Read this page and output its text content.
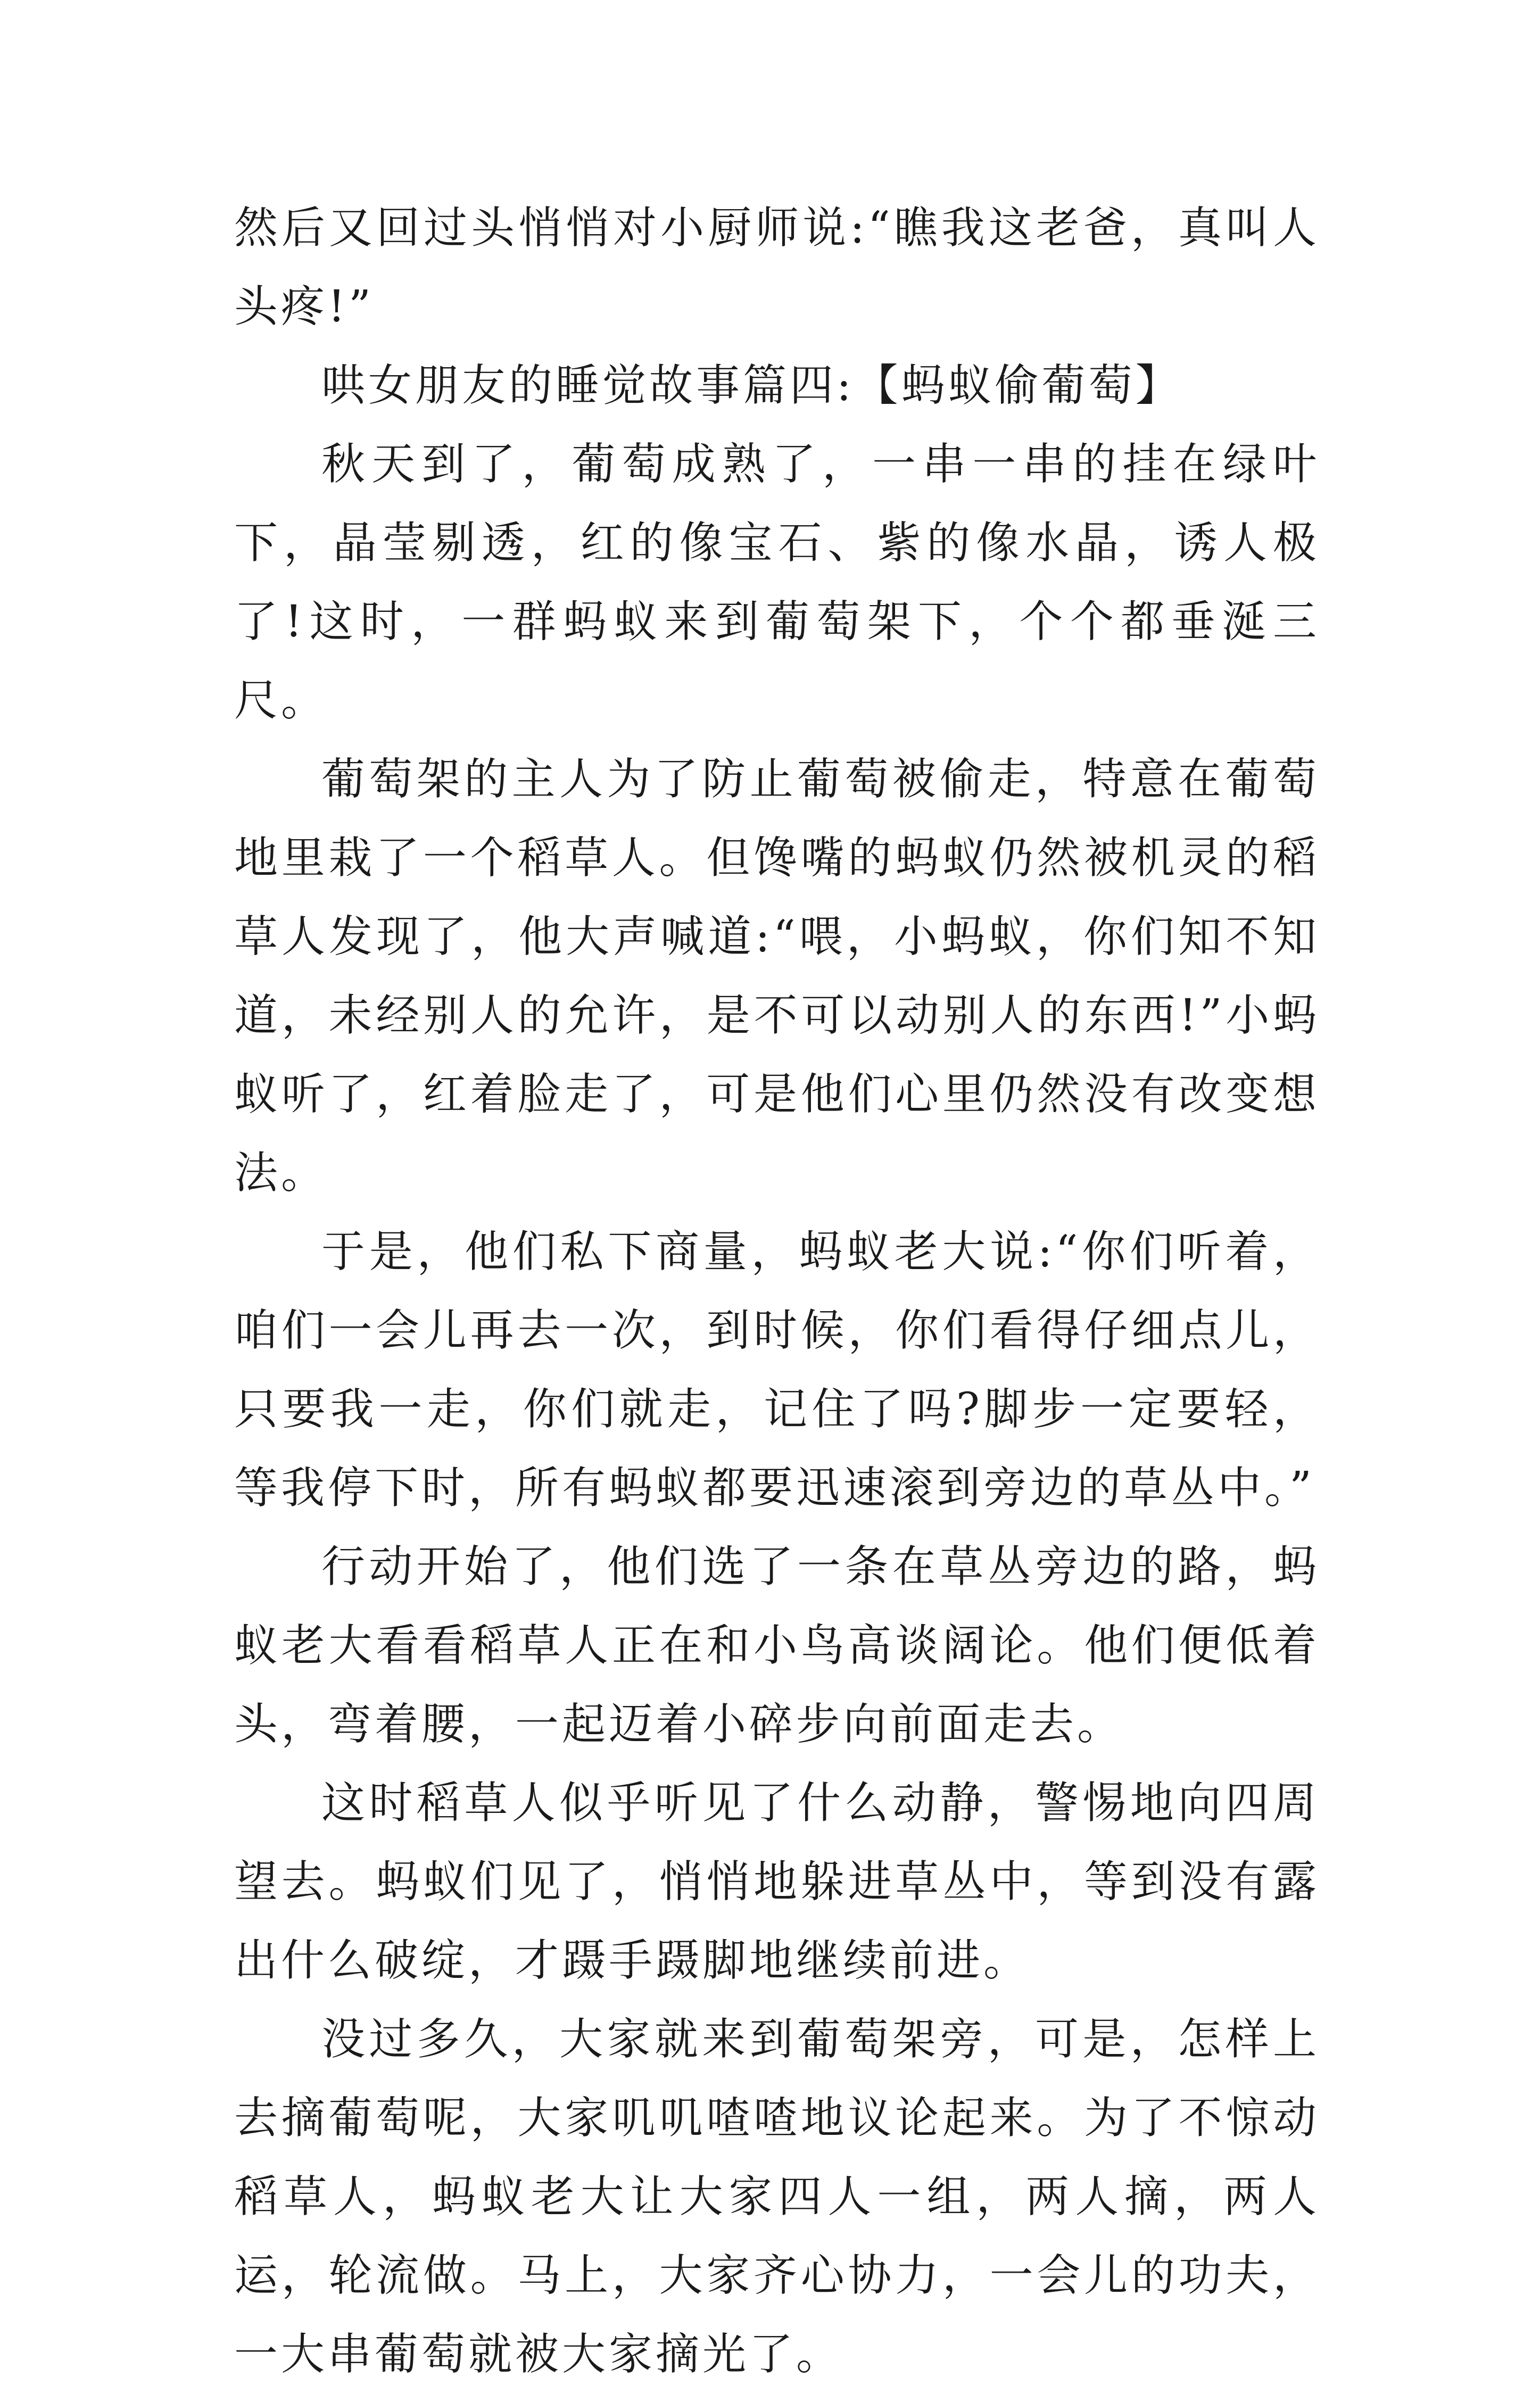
然后又回过头悄悄对小厨师说:“瞧我这老爸，真叫人头疼!”

哄女朋友的睡觉故事篇四:【蚂蚁偷葡萄】

秋天到了，葡萄成熟了，一串一串的挂在绿叶下，晶莹剔透，红的像宝石、紫的像水晶，诱人极了!这时，一群蚂蚁来到葡萄架下，个个都垂涎三尺。

葡萄架的主人为了防止葡萄被偷走，特意在葡萄地里栽了一个稻草人。但馋嘴的蚂蚁仍然被机灵的稻草人发现了，他大声喊道:“喂，小蚂蚁，你们知不知道，未经别人的允许，是不可以动别人的东西!”小蚂蚁听了，红着脸走了，可是他们心里仍然没有改变想法。

于是，他们私下商量，蚂蚁老大说:“你们听着，咱们一会儿再去一次，到时候，你们看得仔细点儿，只要我一走，你们就走，记住了吗?脚步一定要轻，等我停下时，所有蚂蚁都要迅速滚到旁边的草丛中。”

行动开始了，他们选了一条在草丛旁边的路，蚂蚁老大看看稻草人正在和小鸟高谈阔论。他们便低着头，弯着腰，一起迈着小碎步向前面走去。

这时稻草人似乎听见了什么动静，警惕地向四周望去。蚂蚁们见了，悄悄地躲进草丛中，等到没有露出什么破绽，才蹑手蹑脚地继续前进。

没过多久，大家就来到葡萄架旁，可是，怎样上去摘葡萄呢，大家叽叽喳喳地议论起来。为了不惊动稻草人，蚂蚁老大让大家四人一组，两人摘，两人运，轮流做。马上，大家齐心协力，一会儿的功夫，一大串葡萄就被大家摘光了。
